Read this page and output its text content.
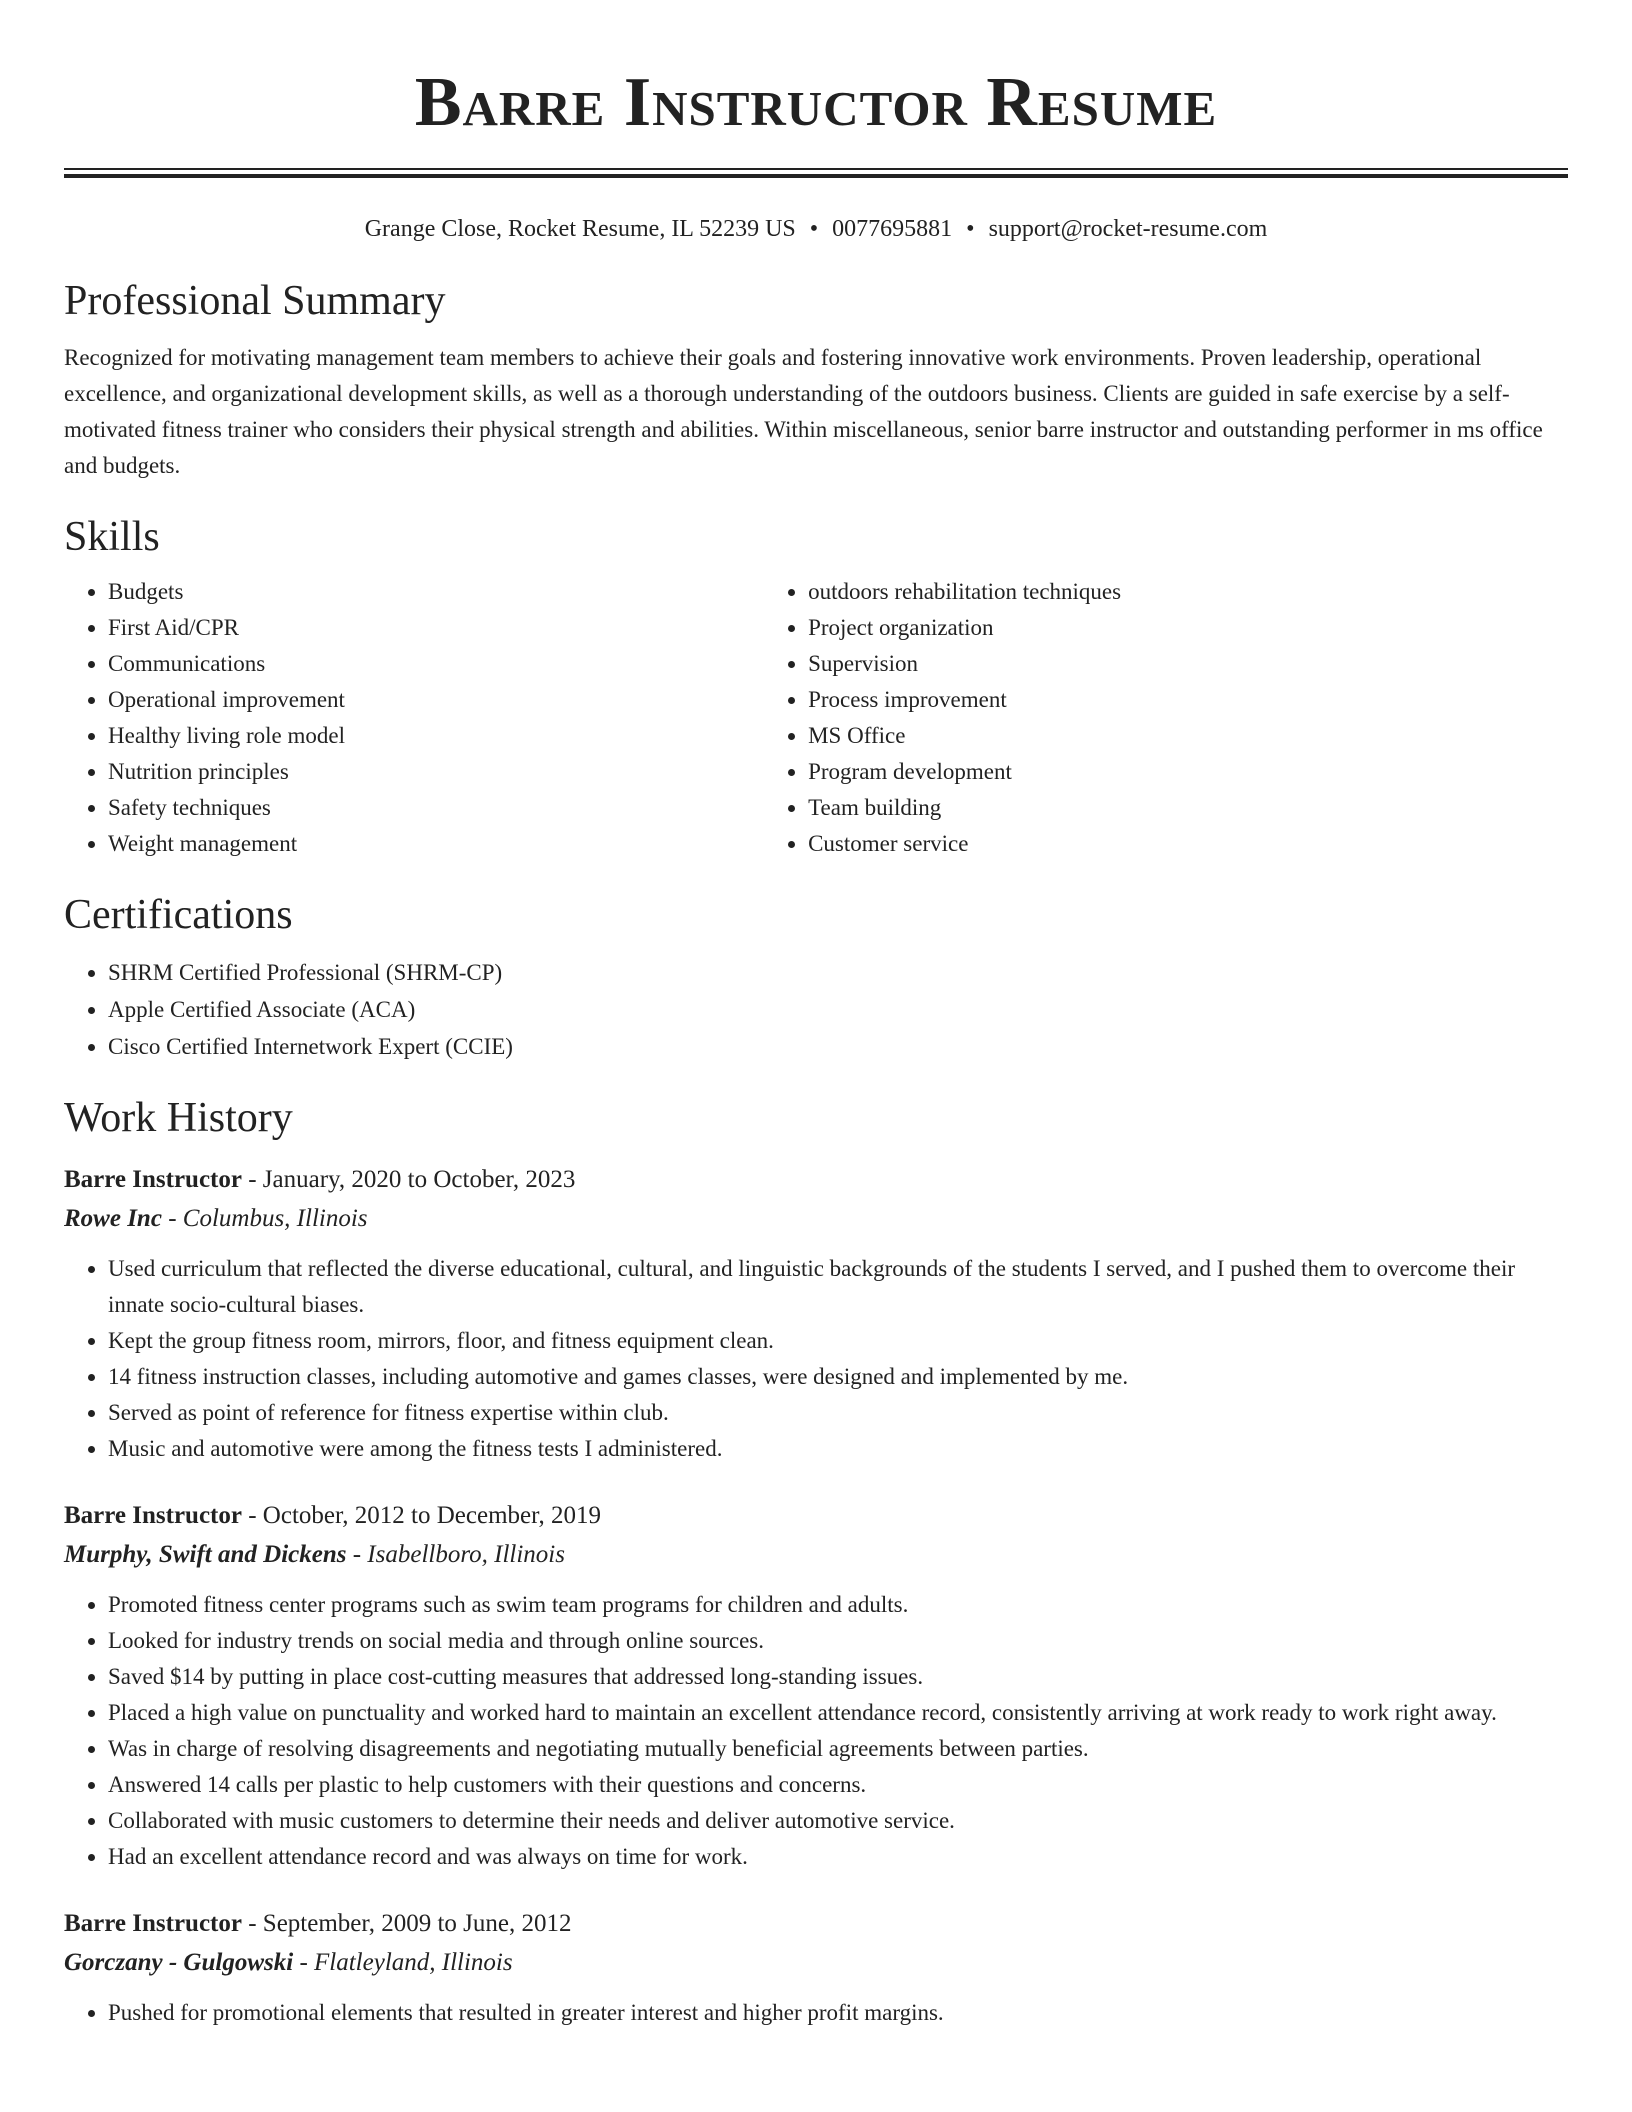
Barre Instructor Resume
Grange Close, Rocket Resume, IL 52239 US • 0077695881 • support@rocket-resume.com
Professional Summary

Recognized for motivating management team members to achieve their goals and fostering innovative work environments. Proven leadership, operational excellence, and organizational development skills, as well as a thorough understanding of the outdoors business. Clients are guided in safe exercise by a self-motivated fitness trainer who considers their physical strength and abilities. Within miscellaneous, senior barre instructor and outstanding performer in ms office and budgets.

Skills
• Budgets
• First Aid/CPR
• Communications
• Operational improvement
• Healthy living role model
• Nutrition principles
• Safety techniques
• Weight management
• outdoors rehabilitation techniques
• Project organization
• Supervision
• Process improvement
• MS Office
• Program development
• Team building
• Customer service
Certifications
• SHRM Certified Professional (SHRM-CP)
• Apple Certified Associate (ACA)
• Cisco Certified Internetwork Expert (CCIE)
Work History
Barre Instructor - January, 2020 to October, 2023
Rowe Inc - Columbus, Illinois
• Used curriculum that reflected the diverse educational, cultural, and linguistic backgrounds of the students I served, and I pushed them to overcome their innate socio-cultural biases.
• Kept the group fitness room, mirrors, floor, and fitness equipment clean.
• 14 fitness instruction classes, including automotive and games classes, were designed and implemented by me.
• Served as point of reference for fitness expertise within club.
• Music and automotive were among the fitness tests I administered.
Barre Instructor - October, 2012 to December, 2019
Murphy, Swift and Dickens - Isabellboro, Illinois
• Promoted fitness center programs such as swim team programs for children and adults.
• Looked for industry trends on social media and through online sources.
• Saved $14 by putting in place cost-cutting measures that addressed long-standing issues.
• Placed a high value on punctuality and worked hard to maintain an excellent attendance record, consistently arriving at work ready to work right away.
• Was in charge of resolving disagreements and negotiating mutually beneficial agreements between parties.
• Answered 14 calls per plastic to help customers with their questions and concerns.
• Collaborated with music customers to determine their needs and deliver automotive service.
• Had an excellent attendance record and was always on time for work.
Barre Instructor - September, 2009 to June, 2012
Gorczany - Gulgowski - Flatleyland, Illinois
• Pushed for promotional elements that resulted in greater interest and higher profit margins.
